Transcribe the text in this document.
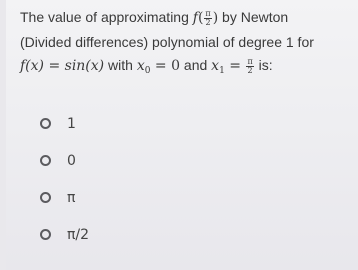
The value of approximating $f( \frac{\pi}{2}$ ) by Newton
(Divided differences) polynomial of degree 1 for
f(x) = sin(x) with $x_0 = 0$ and $x_1 = \frac{\pi}{2}$ is:
1
0
π
π/2
